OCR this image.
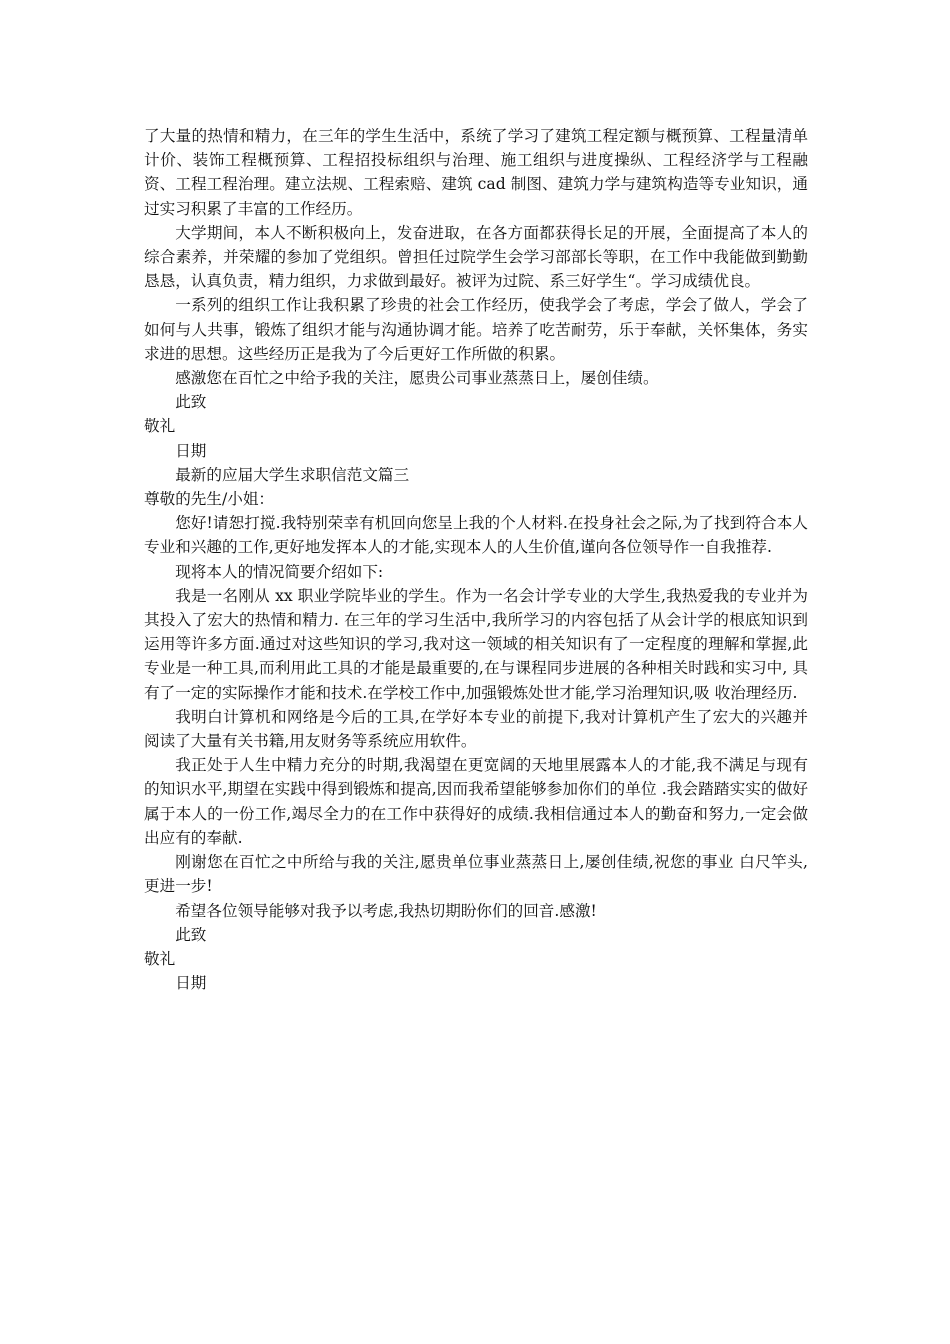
了大量的热情和精力，在三年的学生生活中，系统了学习了建筑工程定额与概预算、工程量清单计价、装饰工程概预算、工程招投标组织与治理、施工组织与进度操纵、工程经济学与工程融资、工程工程治理。建立法规、工程索赔、建筑 cad 制图、建筑力学与建筑构造等专业知识，通过实习积累了丰富的工作经历。

大学期间，本人不断积极向上，发奋进取，在各方面都获得长足的开展，全面提高了本人的综合素养，并荣耀的参加了党组织。曾担任过院学生会学习部部长等职，在工作中我能做到勤勤恳恳，认真负责，精力组织，力求做到最好。被评为过院、系三好学生“。学习成绩优良。

一系列的组织工作让我积累了珍贵的社会工作经历，使我学会了考虑，学会了做人，学会了如何与人共事，锻炼了组织才能与沟通协调才能。培养了吃苦耐劳，乐于奉献，关怀集体，务实求进的思想。这些经历正是我为了今后更好工作所做的积累。

感激您在百忙之中给予我的关注，愿贵公司事业蒸蒸日上，屡创佳绩。

此致

敬礼

日期

最新的应届大学生求职信范文篇三

尊敬的先生/小姐：

您好!请恕打搅.我特别荣幸有机回向您呈上我的个人材料.在投身社会之际,为了找到符合本人专业和兴趣的工作,更好地发挥本人的才能,实现本人的人生价值,谨向各位领导作一自我推荐.

现将本人的情况简要介绍如下:

我是一名刚从 xx 职业学院毕业的学生。作为一名会计学专业的大学生,我热爱我的专业并为其投入了宏大的热情和精力. 在三年的学习生活中,我所学习的内容包括了从会计学的根底知识到运用等许多方面.通过对这些知识的学习,我对这一领域的相关知识有了一定程度的理解和掌握,此专业是一种工具,而利用此工具的才能是最重要的,在与课程同步进展的各种相关时践和实习中, 具有了一定的实际操作才能和技术.在学校工作中,加强锻炼处世才能,学习治理知识,吸 收治理经历.

我明白计算机和网络是今后的工具,在学好本专业的前提下,我对计算机产生了宏大的兴趣并阅读了大量有关书籍,用友财务等系统应用软件。

我正处于人生中精力充分的时期,我渴望在更宽阔的天地里展露本人的才能,我不满足与现有的知识水平,期望在实践中得到锻炼和提高,因而我希望能够参加你们的单位 .我会踏踏实实的做好属于本人的一份工作,竭尽全力的在工作中获得好的成绩.我相信通过本人的勤奋和努力,一定会做出应有的奉献.

刚谢您在百忙之中所给与我的关注,愿贵单位事业蒸蒸日上,屡创佳绩,祝您的事业 白尺竿头,更进一步!

希望各位领导能够对我予以考虑,我热切期盼你们的回音.感激!

此致

敬礼

日期
